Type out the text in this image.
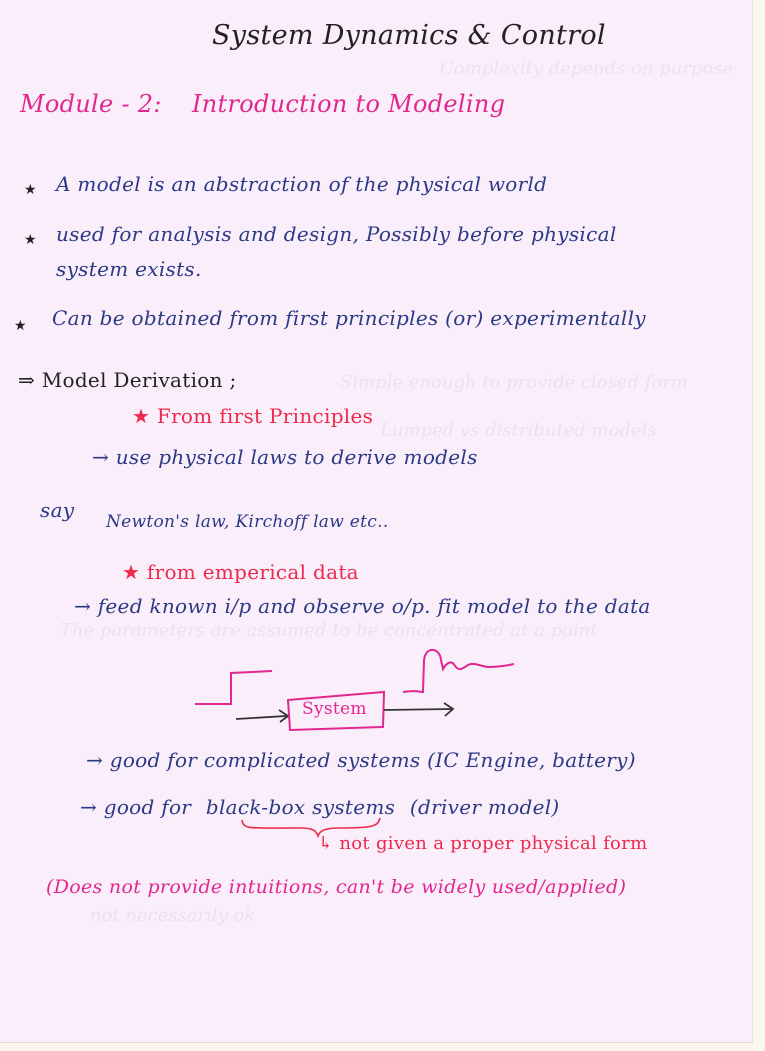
Complexity depends on purpose
Simple enough to provide closed form
Lumped vs distributed models
The parameters are assumed to be concentrated at a point
not necessarily ok
System Dynamics & Control
Module - 2: Introduction to Modeling
★ A model is an abstraction of the physical world
★ used for analysis and design, Possibly before physical
system exists.
★ Can be obtained from first principles (or) experimentally
⇒ Model Derivation ;
★ From first Principles
→ use physical laws to derive models
say Newton's law, Kirchoff law etc..
★ from emperical data
→ feed known i/p and observe o/p. fit model to the data
System
→ good for complicated systems (IC Engine, battery)
→ good for black-box systems (driver model)
↳ not given a proper physical form
(Does not provide intuitions, can't be widely used/applied)
